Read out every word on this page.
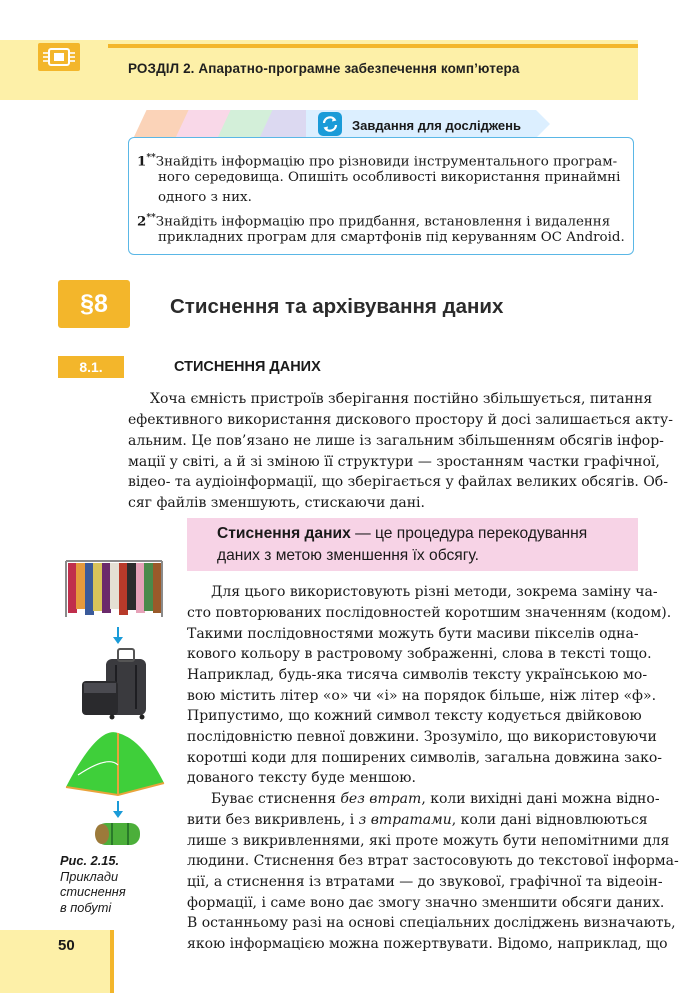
РОЗДІЛ 2. Апаратно-програмне забезпечення комп’ютера
Завдання для досліджень
1**Знайдіть інформацію про різновиди інструментального програм-
ного середовища. Опишіть особливості використання принаймні
одного з них.
2**Знайдіть інформацію про придбання, встановлення і видалення
прикладних програм для смартфонів під керуванням ОС Android.
§8	Стиснення та архівування даних
8.1.	СТИСНЕННЯ ДАНИХ
Хоча ємність пристроїв зберігання постійно збільшується, питання
ефективного використання дискового простору й досі залишається акту-
альним. Це пов’язано не лише із загальним збільшенням обсягів інфор-
мації у світі, а й зі зміною її структури — зростанням частки графічної,
відео- та аудіоінформації, що зберігається у файлах великих обсягів. Об-
сяг файлів зменшують, стискаючи дані.
Стиснення даних — це процедура перекодування
даних з метою зменшення їх обсягу.
Рис. 2.15.
Приклади
стиснення
в побуті
Для цього використовують різні методи, зокрема заміну ча-
сто повторюваних послідовностей коротшим значенням (кодом).
Такими послідовностями можуть бути масиви пікселів одна-
кового кольору в растровому зображенні, слова в тексті тощо.
Наприклад, будь-яка тисяча символів тексту українською мо-
вою містить літер «о» чи «і» на порядок більше, ніж літер «ф».
Припустимо, що кожний символ тексту кодується двійковою
послідовністю певної довжини. Зрозуміло, що використовуючи
коротші коди для поширених символів, загальна довжина зако-
дованого тексту буде меншою.
Буває стиснення без втрат, коли вихідні дані можна відно-
вити без викривлень, і з втратами, коли дані відновлюються
лише з викривленнями, які проте можуть бути непомітними для
людини. Стиснення без втрат застосовують до текстової інформа-
ції, а стиснення із втратами — до звукової, графічної та відеоін-
формації, і саме воно дає змогу значно зменшити обсяги даних.
В останньому разі на основі спеціальних досліджень визначають,
якою інформацією можна пожертвувати. Відомо, наприклад, що
50
